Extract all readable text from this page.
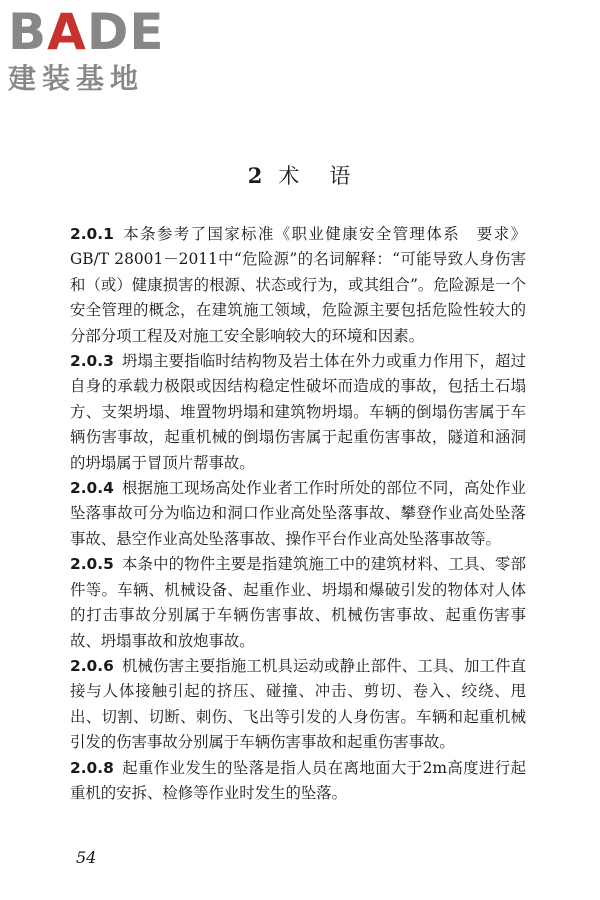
BADE
建装基地
2 术 语

2.0.1 本条参考了国家标准《职业健康安全管理体系　要求》GB/T 28001－2011中“危险源”的名词解释：“可能导致人身伤害和（或）健康损害的根源、状态或行为，或其组合”。危险源是一个安全管理的概念，在建筑施工领域，危险源主要包括危险性较大的分部分项工程及对施工安全影响较大的环境和因素。

2.0.3 坍塌主要指临时结构物及岩土体在外力或重力作用下，超过自身的承载力极限或因结构稳定性破坏而造成的事故，包括土石塌方、支架坍塌、堆置物坍塌和建筑物坍塌。车辆的倒塌伤害属于车辆伤害事故，起重机械的倒塌伤害属于起重伤害事故，隧道和涵洞的坍塌属于冒顶片帮事故。

2.0.4 根据施工现场高处作业者工作时所处的部位不同，高处作业坠落事故可分为临边和洞口作业高处坠落事故、攀登作业高处坠落事故、悬空作业高处坠落事故、操作平台作业高处坠落事故等。

2.0.5 本条中的物件主要是指建筑施工中的建筑材料、工具、零部件等。车辆、机械设备、起重作业、坍塌和爆破引发的物体对人体的打击事故分别属于车辆伤害事故、机械伤害事故、起重伤害事故、坍塌事故和放炮事故。

2.0.6 机械伤害主要指施工机具运动或静止部件、工具、加工件直接与人体接触引起的挤压、碰撞、冲击、剪切、卷入、绞绕、甩出、切割、切断、刺伤、飞出等引发的人身伤害。车辆和起重机械引发的伤害事故分别属于车辆伤害事故和起重伤害事故。

2.0.8 起重作业发生的坠落是指人员在离地面大于2m高度进行起重机的安拆、检修等作业时发生的坠落。

54
